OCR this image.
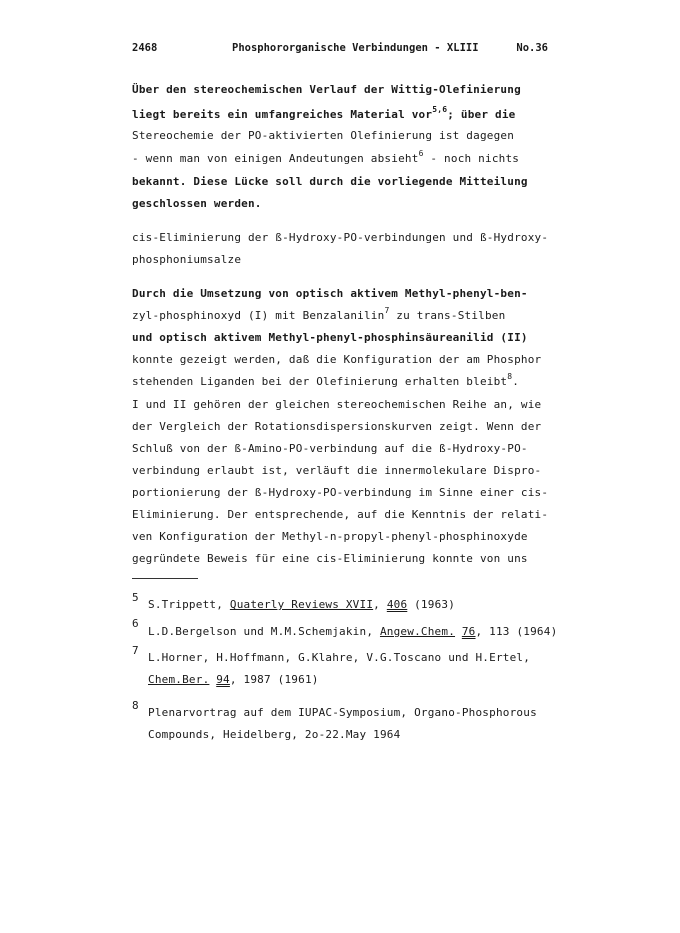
2468	Phosphororganische Verbindungen - XLIII	No.36
Über den stereochemischen Verlauf der Wittig-Olefinierung
liegt bereits ein umfangreiches Material vor$^{5,6}$; über die
Stereochemie der PO-aktivierten Olefinierung ist dagegen
- wenn man von einigen Andeutungen absieht$^6$ - noch nichts
bekannt. Diese Lücke soll durch die vorliegende Mitteilung
geschlossen werden.
cis-Eliminierung der ß-Hydroxy-PO-verbindungen und ß-Hydroxy-
phosphoniumsalze
Durch die Umsetzung von optisch aktivem Methyl-phenyl-ben-
zyl-phosphinoxyd (I) mit Benzalanilin$^7$ zu trans-Stilben
und optisch aktivem Methyl-phenyl-phosphinsäureanilid (II)
konnte gezeigt werden, daß die Konfiguration der am Phosphor
stehenden Liganden bei der Olefinierung erhalten bleibt$^8$.
I und II gehören der gleichen stereochemischen Reihe an, wie
der Vergleich der Rotationsdispersionskurven zeigt. Wenn der
Schluß von der ß-Amino-PO-verbindung auf die ß-Hydroxy-PO-
verbindung erlaubt ist, verläuft die innermolekulare Dispro-
portionierung der ß-Hydroxy-PO-verbindung im Sinne einer cis-
Eliminierung. Der entsprechende, auf die Kenntnis der relati-
ven Konfiguration der Methyl-n-propyl-phenyl-phosphinoxyde
gegründete Beweis für eine cis-Eliminierung konnte von uns
5
S.Trippett, Quaterly Reviews XVII, 406 (1963)
6
L.D.Bergelson und M.M.Schemjakin, Angew.Chem. 76, 113 (1964)
7
L.Horner, H.Hoffmann, G.Klahre, V.G.Toscano und H.Ertel,
Chem.Ber. 94, 1987 (1961)
8
Plenarvortrag auf dem IUPAC-Symposium, Organo-Phosphorous
Compounds, Heidelberg, 2o-22.May 1964
